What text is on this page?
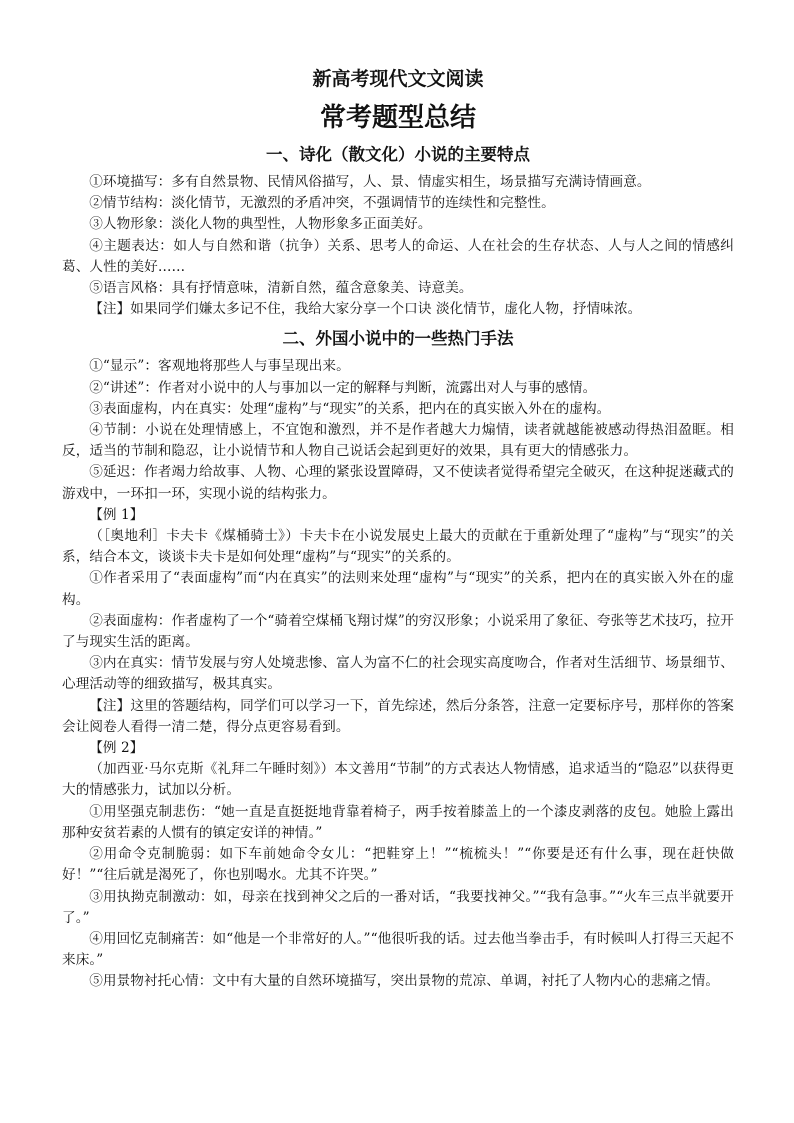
新高考现代文文阅读
常考题型总结
一、诗化（散文化）小说的主要特点

①环境描写：多有自然景物、民情风俗描写，人、景、情虚实相生，场景描写充满诗情画意。

②情节结构：淡化情节，无激烈的矛盾冲突，不强调情节的连续性和完整性。

③人物形象：淡化人物的典型性，人物形象多正面美好。

④主题表达：如人与自然和谐（抗争）关系、思考人的命运、人在社会的生存状态、人与人之间的情感纠葛、人性的美好……

⑤语言风格：具有抒情意味，清新自然，蕴含意象美、诗意美。

【注】如果同学们嫌太多记不住，我给大家分享一个口诀 淡化情节，虚化人物，抒情味浓。

二、外国小说中的一些热门手法

①“显示”：客观地将那些人与事呈现出来。

②“讲述”：作者对小说中的人与事加以一定的解释与判断，流露出对人与事的感情。

③表面虚构，内在真实：处理“虚构”与“现实”的关系，把内在的真实嵌入外在的虚构。

④节制：小说在处理情感上，不宜饱和激烈，并不是作者越大力煽情，读者就越能被感动得热泪盈眶。相反，适当的节制和隐忍，让小说情节和人物自己说话会起到更好的效果，具有更大的情感张力。

⑤延迟：作者竭力给故事、人物、心理的紧张设置障碍，又不使读者觉得希望完全破灭，在这种捉迷藏式的游戏中，一环扣一环，实现小说的结构张力。

【例 1】

（［奥地利］卡夫卡《煤桶骑士》）卡夫卡在小说发展史上最大的贡献在于重新处理了“虚构”与“现实”的关系，结合本文，谈谈卡夫卡是如何处理“虚构”与“现实”的关系的。

①作者采用了“表面虚构”而“内在真实”的法则来处理“虚构”与“现实”的关系，把内在的真实嵌入外在的虚构。

②表面虚构：作者虚构了一个“骑着空煤桶飞翔讨煤”的穷汉形象；小说采用了象征、夸张等艺术技巧，拉开了与现实生活的距离。

③内在真实：情节发展与穷人处境悲惨、富人为富不仁的社会现实高度吻合，作者对生活细节、场景细节、心理活动等的细致描写，极其真实。

【注】这里的答题结构，同学们可以学习一下，首先综述，然后分条答，注意一定要标序号，那样你的答案会让阅卷人看得一清二楚，得分点更容易看到。

【例 2】

（加西亚·马尔克斯《礼拜二午睡时刻》）本文善用“节制”的方式表达人物情感，追求适当的“隐忍”以获得更大的情感张力，试加以分析。

①用坚强克制悲伤：“她一直是直挺挺地背靠着椅子，两手按着膝盖上的一个漆皮剥落的皮包。她脸上露出那种安贫若素的人惯有的镇定安详的神情。”

②用命令克制脆弱：如下车前她命令女儿：“把鞋穿上！”“梳梳头！”“你要是还有什么事，现在赶快做好！”“往后就是渴死了，你也别喝水。尤其不许哭。”

③用执拗克制激动：如，母亲在找到神父之后的一番对话，“我要找神父。”“我有急事。”“火车三点半就要开了。”

④用回忆克制痛苦：如“他是一个非常好的人。”“他很听我的话。过去他当拳击手，有时候叫人打得三天起不来床。”

⑤用景物衬托心情：文中有大量的自然环境描写，突出景物的荒凉、单调，衬托了人物内心的悲痛之情。
